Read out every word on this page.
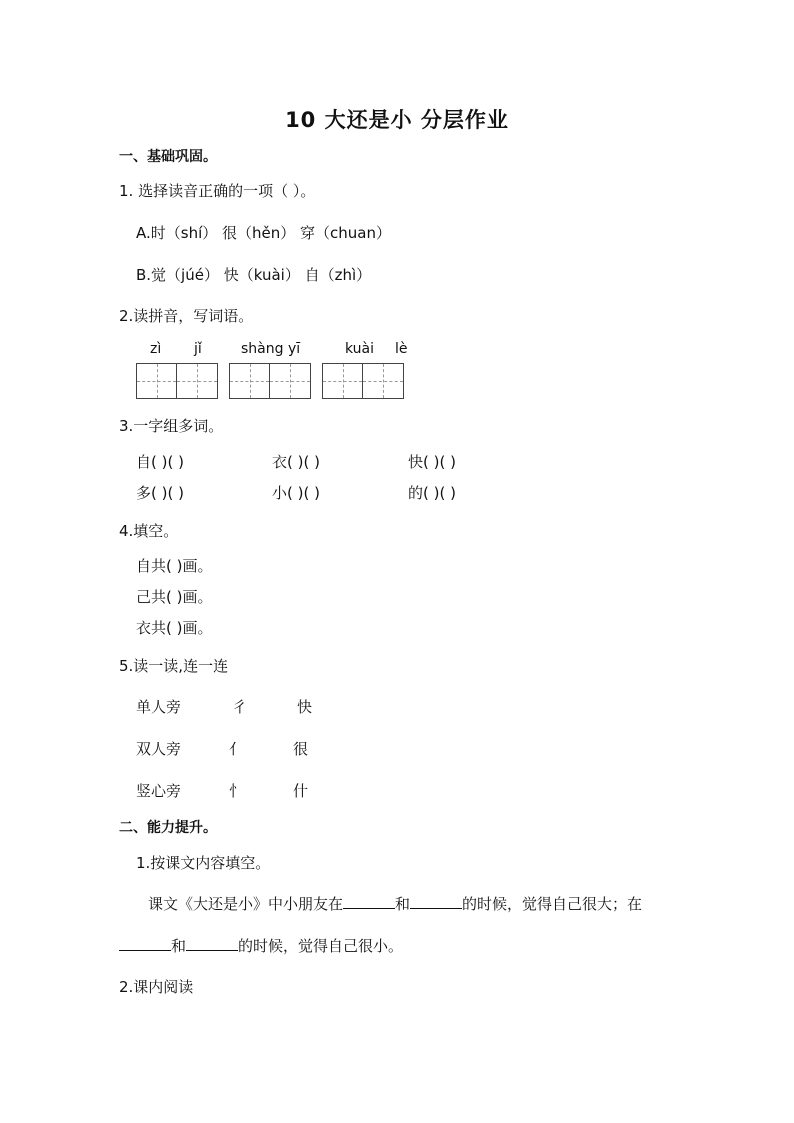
10 大还是小 分层作业
一、基础巩固。
1. 选择读音正确的一项（ ）。
A.时（shí） 很（hěn） 穿（chuan）
B.觉（júé） 快（kuài） 自（zhì）
2.读拼音，写词语。
zì jǐ	shàng yī	kuài lè
3.一字组多词。
自( )( )	衣( )( )	快( )( )
多( )( )	小( )( )	的( )( )
4.填空。
自共( )画。
己共( )画。
衣共( )画。
5.读一读,连一连
单人旁	彳	快
双人旁	亻	很
竖心旁	忄	什
二、能力提升。
1.按课文内容填空。
课文《大还是小》中小朋友在	和	的时候，觉得自己很大；在
和	的时候，觉得自己很小。
2.课内阅读
